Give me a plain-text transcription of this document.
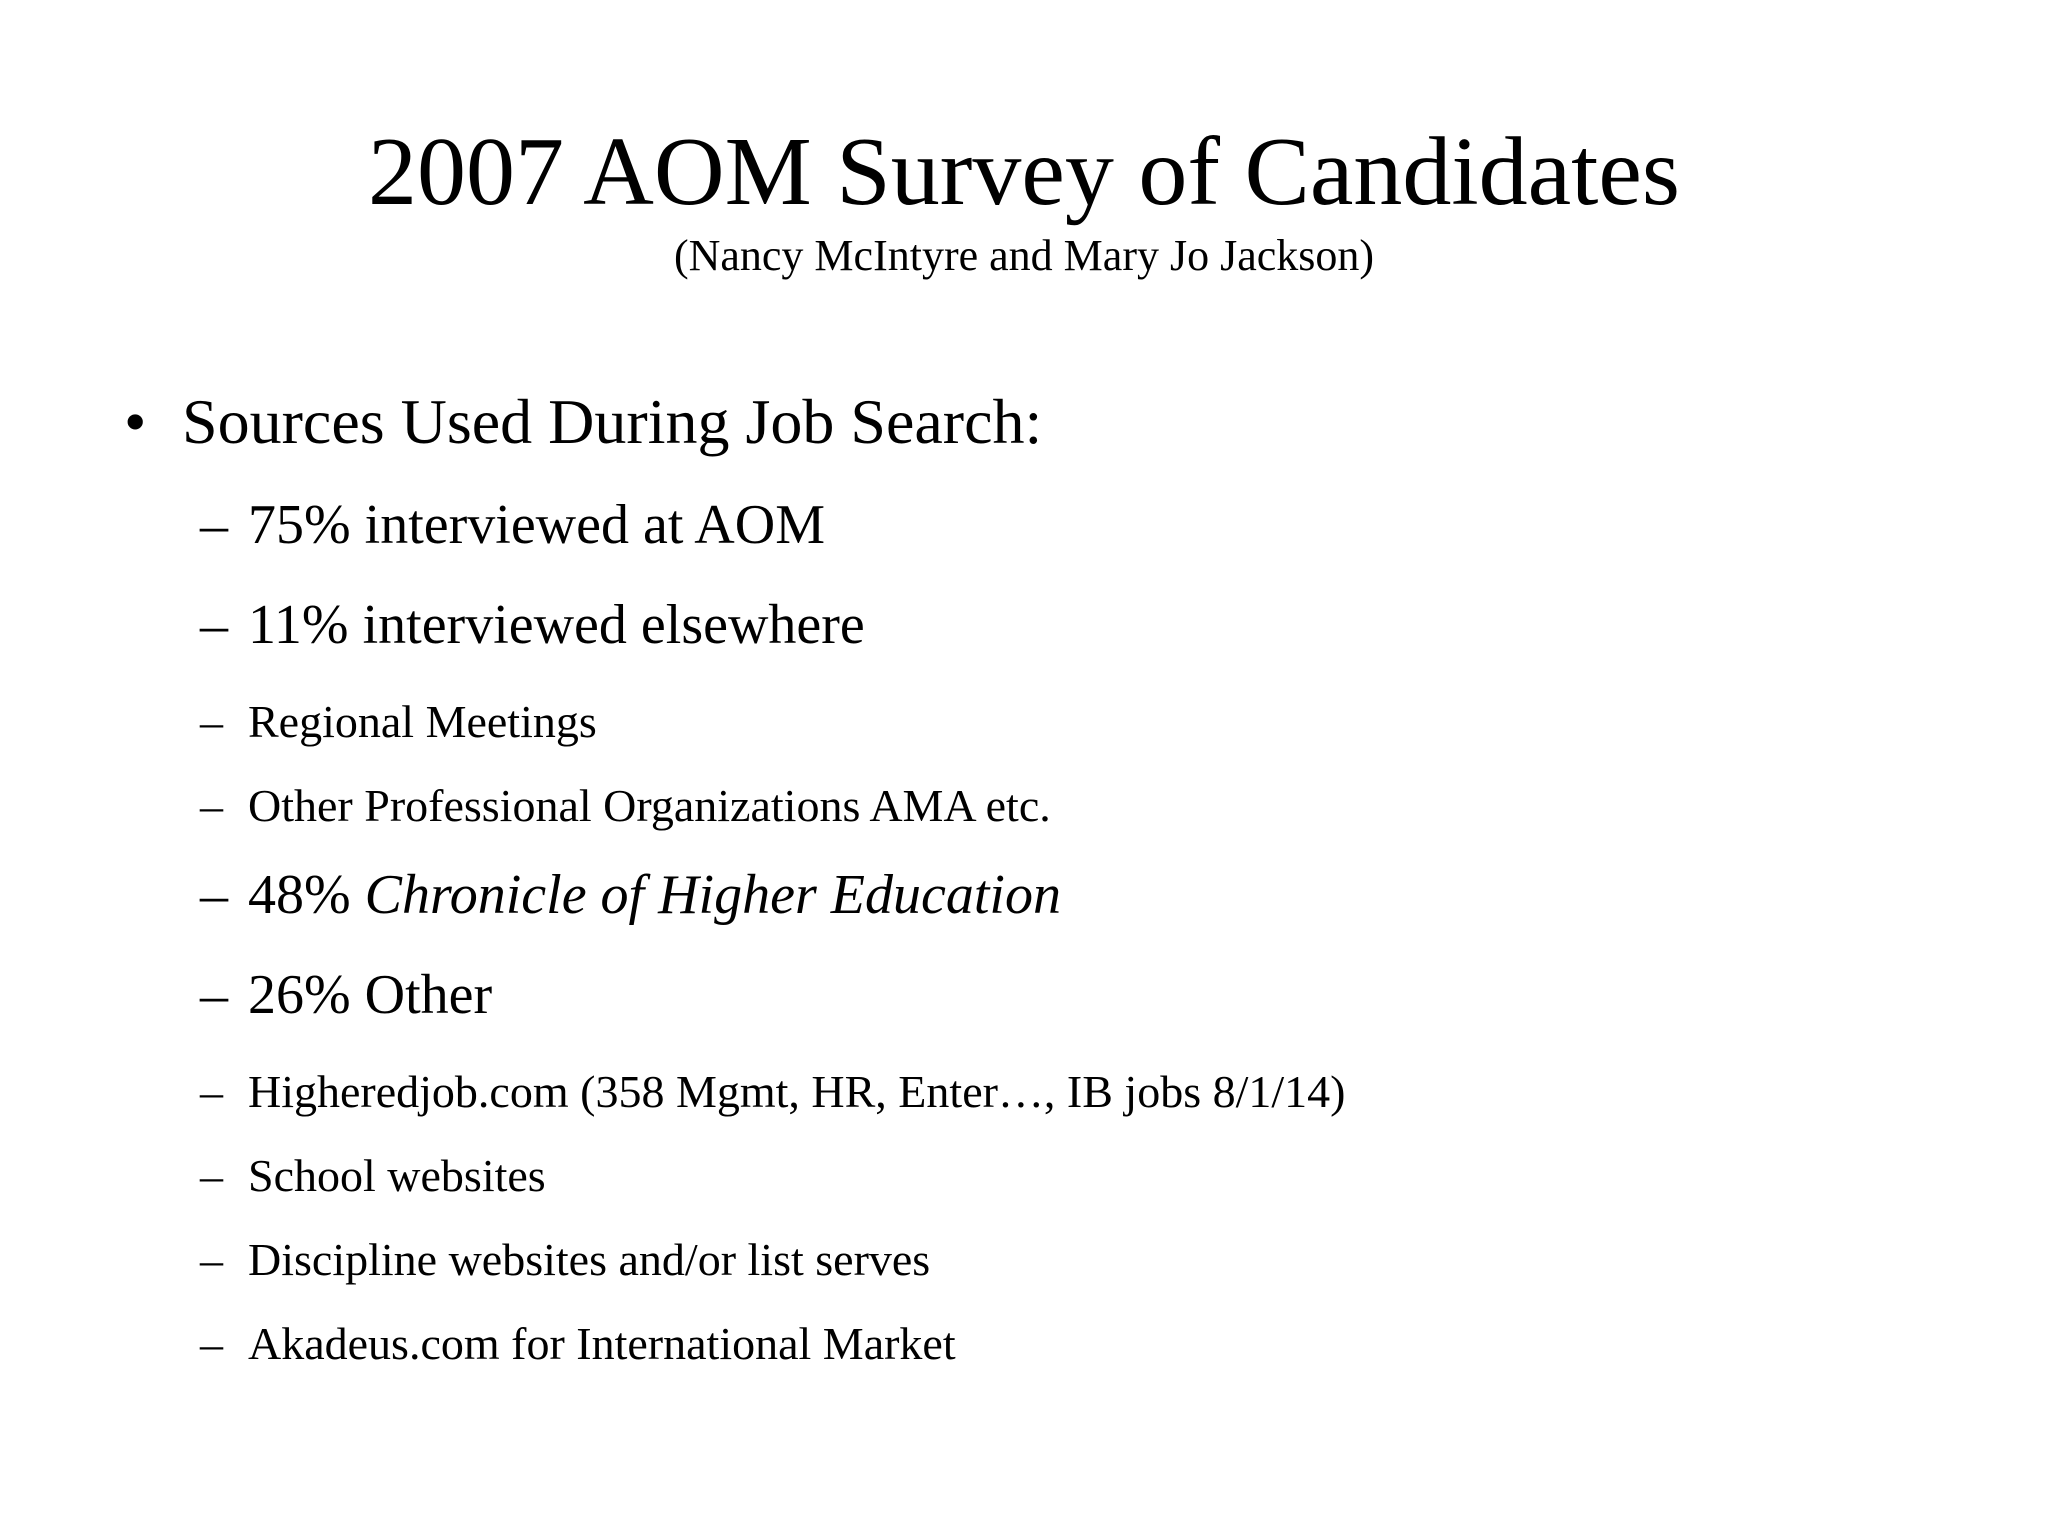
2007 AOM Survey of Candidates
(Nancy McIntyre and Mary Jo Jackson)
• Sources Used During Job Search:
– 75% interviewed at AOM
– 11% interviewed elsewhere
– Regional Meetings
– Other Professional Organizations AMA etc.
– 48% Chronicle of Higher Education
– 26% Other
– Higheredjob.com (358 Mgmt, HR, Enter…, IB jobs 8/1/14)
– School websites
– Discipline websites and/or list serves
– Akadeus.com for International Market
